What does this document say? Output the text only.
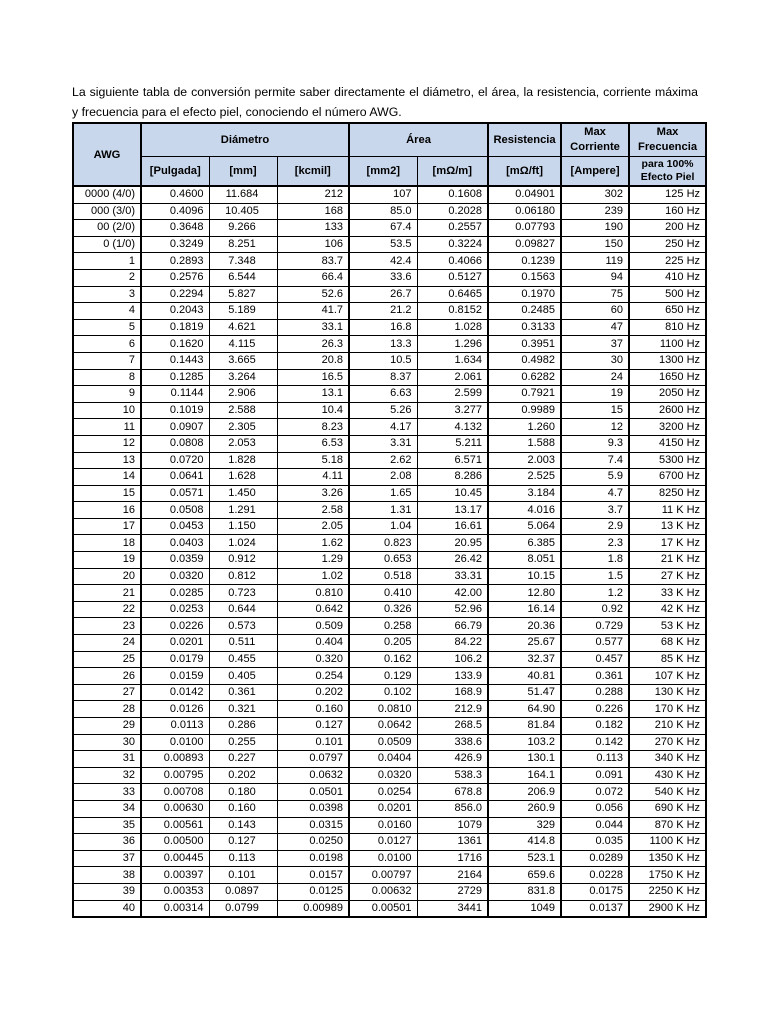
La siguiente tabla de conversión permite saber directamente el diámetro, el área, la resistencia, corriente máxima y frecuencia para el efecto piel, conociendo el número AWG.

AWG	Diámetro			Área		Resistencia	Max Corriente	Max Frecuencia
	[Pulgada]	[mm]	[kcmil]	[mm2]	[mΩ/m]	[mΩ/ft]	[Ampere]	para 100% Efecto Piel
0000 (4/0)	0.4600	11.684	212	107	0.1608	0.04901	302	125 Hz
000 (3/0)	0.4096	10.405	168	85.0	0.2028	0.06180	239	160 Hz
00 (2/0)	0.3648	9.266	133	67.4	0.2557	0.07793	190	200 Hz
0 (1/0)	0.3249	8.251	106	53.5	0.3224	0.09827	150	250 Hz
1	0.2893	7.348	83.7	42.4	0.4066	0.1239	119	225 Hz
2	0.2576	6.544	66.4	33.6	0.5127	0.1563	94	410 Hz
3	0.2294	5.827	52.6	26.7	0.6465	0.1970	75	500 Hz
4	0.2043	5.189	41.7	21.2	0.8152	0.2485	60	650 Hz
5	0.1819	4.621	33.1	16.8	1.028	0.3133	47	810 Hz
6	0.1620	4.115	26.3	13.3	1.296	0.3951	37	1100 Hz
7	0.1443	3.665	20.8	10.5	1.634	0.4982	30	1300 Hz
8	0.1285	3.264	16.5	8.37	2.061	0.6282	24	1650 Hz
9	0.1144	2.906	13.1	6.63	2.599	0.7921	19	2050 Hz
10	0.1019	2.588	10.4	5.26	3.277	0.9989	15	2600 Hz
11	0.0907	2.305	8.23	4.17	4.132	1.260	12	3200 Hz
12	0.0808	2.053	6.53	3.31	5.211	1.588	9.3	4150 Hz
13	0.0720	1.828	5.18	2.62	6.571	2.003	7.4	5300 Hz
14	0.0641	1.628	4.11	2.08	8.286	2.525	5.9	6700 Hz
15	0.0571	1.450	3.26	1.65	10.45	3.184	4.7	8250 Hz
16	0.0508	1.291	2.58	1.31	13.17	4.016	3.7	11 K Hz
17	0.0453	1.150	2.05	1.04	16.61	5.064	2.9	13 K Hz
18	0.0403	1.024	1.62	0.823	20.95	6.385	2.3	17 K Hz
19	0.0359	0.912	1.29	0.653	26.42	8.051	1.8	21 K Hz
20	0.0320	0.812	1.02	0.518	33.31	10.15	1.5	27 K Hz
21	0.0285	0.723	0.810	0.410	42.00	12.80	1.2	33 K Hz
22	0.0253	0.644	0.642	0.326	52.96	16.14	0.92	42 K Hz
23	0.0226	0.573	0.509	0.258	66.79	20.36	0.729	53 K Hz
24	0.0201	0.511	0.404	0.205	84.22	25.67	0.577	68 K Hz
25	0.0179	0.455	0.320	0.162	106.2	32.37	0.457	85 K Hz
26	0.0159	0.405	0.254	0.129	133.9	40.81	0.361	107 K Hz
27	0.0142	0.361	0.202	0.102	168.9	51.47	0.288	130 K Hz
28	0.0126	0.321	0.160	0.0810	212.9	64.90	0.226	170 K Hz
29	0.0113	0.286	0.127	0.0642	268.5	81.84	0.182	210 K Hz
30	0.0100	0.255	0.101	0.0509	338.6	103.2	0.142	270 K Hz
31	0.00893	0.227	0.0797	0.0404	426.9	130.1	0.113	340 K Hz
32	0.00795	0.202	0.0632	0.0320	538.3	164.1	0.091	430 K Hz
33	0.00708	0.180	0.0501	0.0254	678.8	206.9	0.072	540 K Hz
34	0.00630	0.160	0.0398	0.0201	856.0	260.9	0.056	690 K Hz
35	0.00561	0.143	0.0315	0.0160	1079	329	0.044	870 K Hz
36	0.00500	0.127	0.0250	0.0127	1361	414.8	0.035	1100 K Hz
37	0.00445	0.113	0.0198	0.0100	1716	523.1	0.0289	1350 K Hz
38	0.00397	0.101	0.0157	0.00797	2164	659.6	0.0228	1750 K Hz
39	0.00353	0.0897	0.0125	0.00632	2729	831.8	0.0175	2250 K Hz
40	0.00314	0.0799	0.00989	0.00501	3441	1049	0.0137	2900 K Hz
